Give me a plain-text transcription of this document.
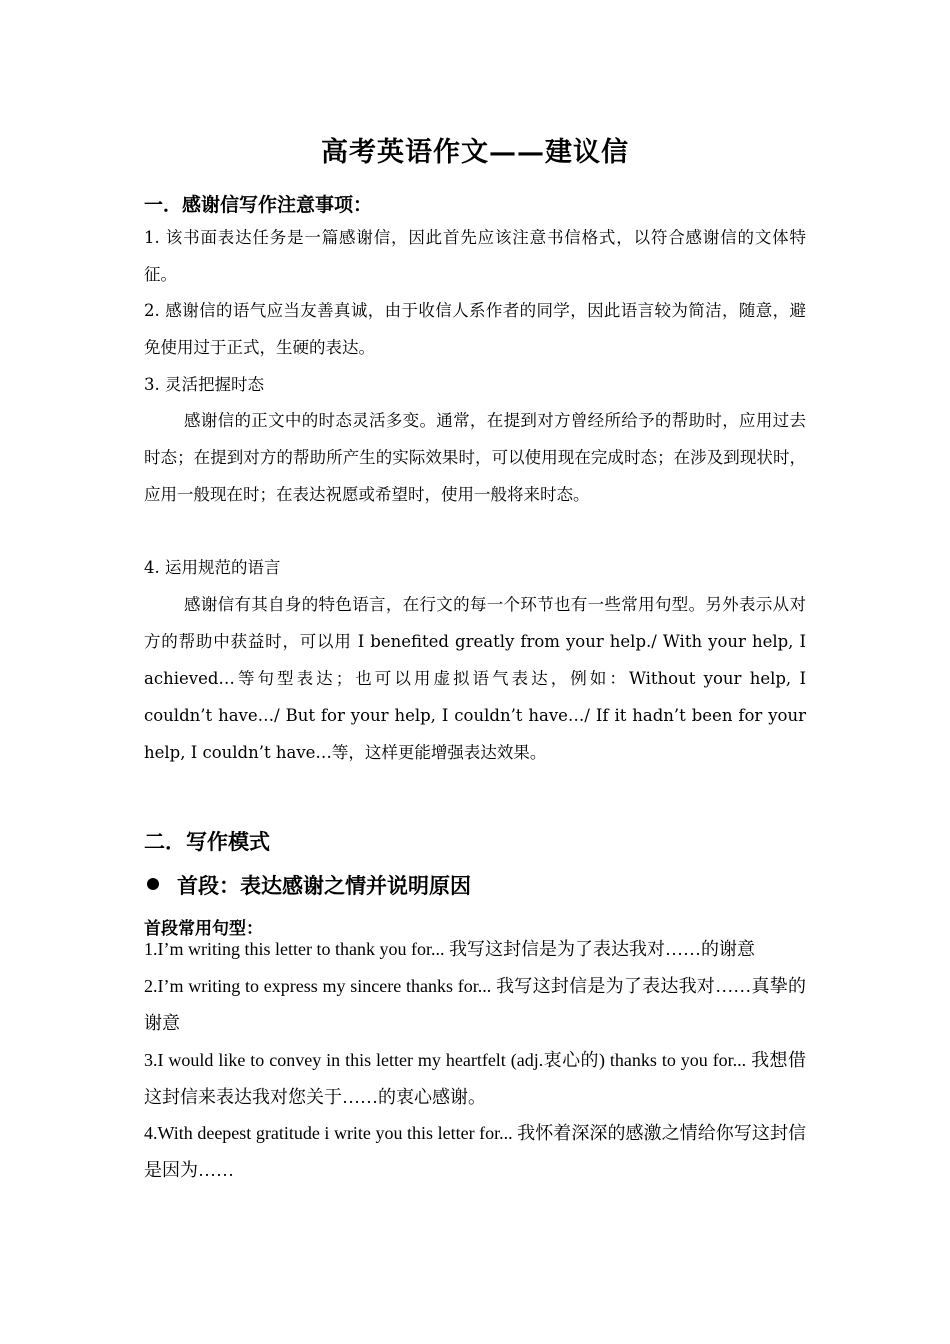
高考英语作文——建议信
一．感谢信写作注意事项：
1. 该书面表达任务是一篇感谢信，因此首先应该注意书信格式，以符合感谢信的文体特征。
2. 感谢信的语气应当友善真诚，由于收信人系作者的同学，因此语言较为简洁，随意，避免使用过于正式，生硬的表达。
3. 灵活把握时态
感谢信的正文中的时态灵活多变。通常，在提到对方曾经所给予的帮助时，应用过去时态；在提到对方的帮助所产生的实际效果时，可以使用现在完成时态；在涉及到现状时，应用一般现在时；在表达祝愿或希望时，使用一般将来时态。
4. 运用规范的语言
感谢信有其自身的特色语言，在行文的每一个环节也有一些常用句型。另外表示从对方的帮助中获益时，可以用 I benefited greatly from your help./ With your help, I achieved…等句型表达；也可以用虚拟语气表达，例如：Without your help, I couldn’t have…/ But for your help, I couldn’t have…/ If it hadn’t been for your help, I couldn’t have…等，这样更能增强表达效果。
二．写作模式
首段：表达感谢之情并说明原因
首段常用句型：
1.I’m writing this letter to thank you for... 我写这封信是为了表达我对……的谢意
2.I’m writing to express my sincere thanks for... 我写这封信是为了表达我对……真挚的谢意
3.I would like to convey in this letter my heartfelt (adj.衷心的) thanks to you for... 我想借这封信来表达我对您关于……的衷心感谢。
4.With deepest gratitude i write you this letter for... 我怀着深深的感激之情给你写这封信是因为……
